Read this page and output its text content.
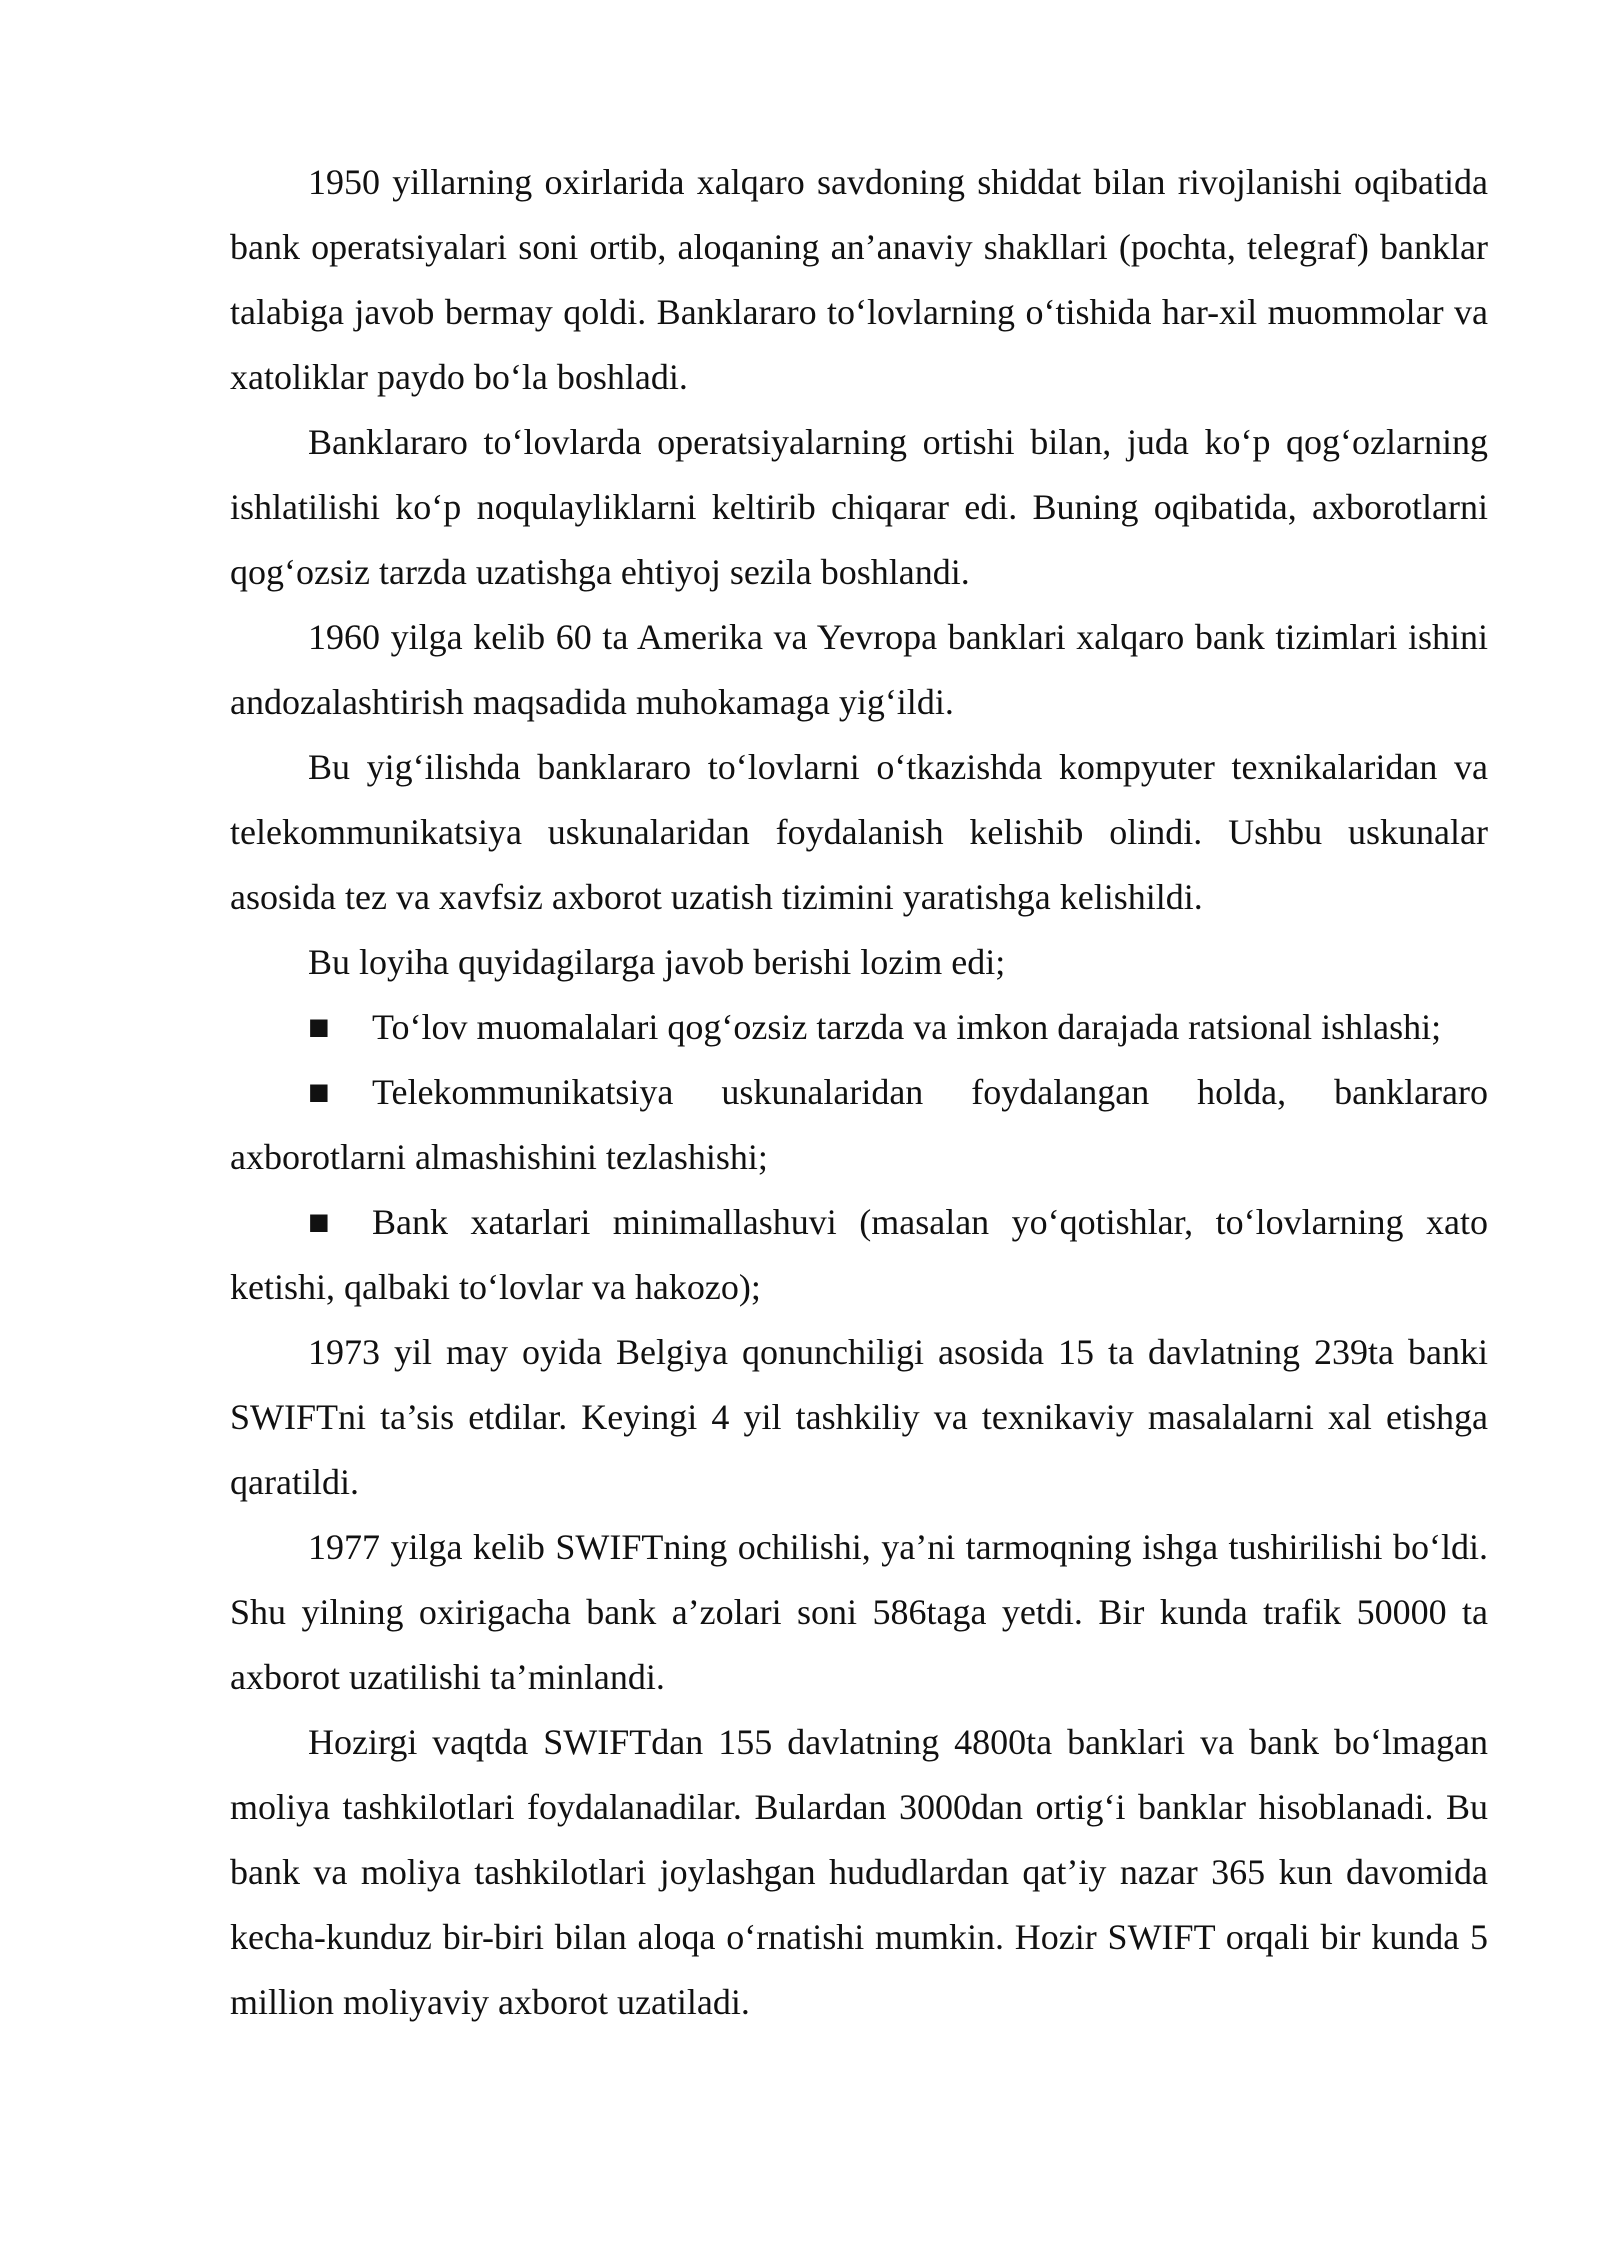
1950 yillarning oxirlarida xalqaro savdoning shiddat bilan rivojlanishi oqibatida bank operatsiyalari soni ortib, aloqaning an’anaviy shakllari (pochta, telegraf) banklar talabiga javob bermay qoldi. Banklararo to‘lovlarning o‘tishida har-xil muommolar va xatoliklar paydo bo‘la boshladi.

Banklararo to‘lovlarda operatsiyalarning ortishi bilan, juda ko‘p qog‘ozlarning ishlatilishi ko‘p noqulayliklarni keltirib chiqarar edi. Buning oqibatida, axborotlarni qog‘ozsiz tarzda uzatishga ehtiyoj sezila boshlandi.

1960 yilga kelib 60 ta Amerika va Yevropa banklari xalqaro bank tizimlari ishini andozalashtirish maqsadida muhokamaga yig‘ildi.

Bu yig‘ilishda banklararo to‘lovlarni o‘tkazishda kompyuter texnikalaridan va telekommunikatsiya uskunalaridan foydalanish kelishib olindi. Ushbu uskunalar asosida tez va xavfsiz axborot uzatish tizimini yaratishga kelishildi.

Bu loyiha quyidagilarga javob berishi lozim edi;

■ To‘lov muomalalari qog‘ozsiz tarzda va imkon darajada ratsional ishlashi;

■ Telekommunikatsiya uskunalaridan foydalangan holda, banklararo axborotlarni almashishini tezlashishi;

■ Bank xatarlari minimallashuvi (masalan yo‘qotishlar, to‘lovlarning xato ketishi, qalbaki to‘lovlar va hakozo);

1973 yil may oyida Belgiya qonunchiligi asosida 15 ta davlatning 239ta banki SWIFTni ta’sis etdilar. Keyingi 4 yil tashkiliy va texnikaviy masalalarni xal etishga qaratildi.

1977 yilga kelib SWIFTning ochilishi, ya’ni tarmoqning ishga tushirilishi bo‘ldi. Shu yilning oxirigacha bank a’zolari soni 586taga yetdi. Bir kunda trafik 50000 ta axborot uzatilishi ta’minlandi.

Hozirgi vaqtda SWIFTdan 155 davlatning 4800ta banklari va bank bo‘lmagan moliya tashkilotlari foydalanadilar. Bulardan 3000dan ortig‘i banklar hisoblanadi. Bu bank va moliya tashkilotlari joylashgan hududlardan qat’iy nazar 365 kun davomida kecha-kunduz bir-biri bilan aloqa o‘rnatishi mumkin. Hozir SWIFT orqali bir kunda 5 million moliyaviy axborot uzatiladi.
